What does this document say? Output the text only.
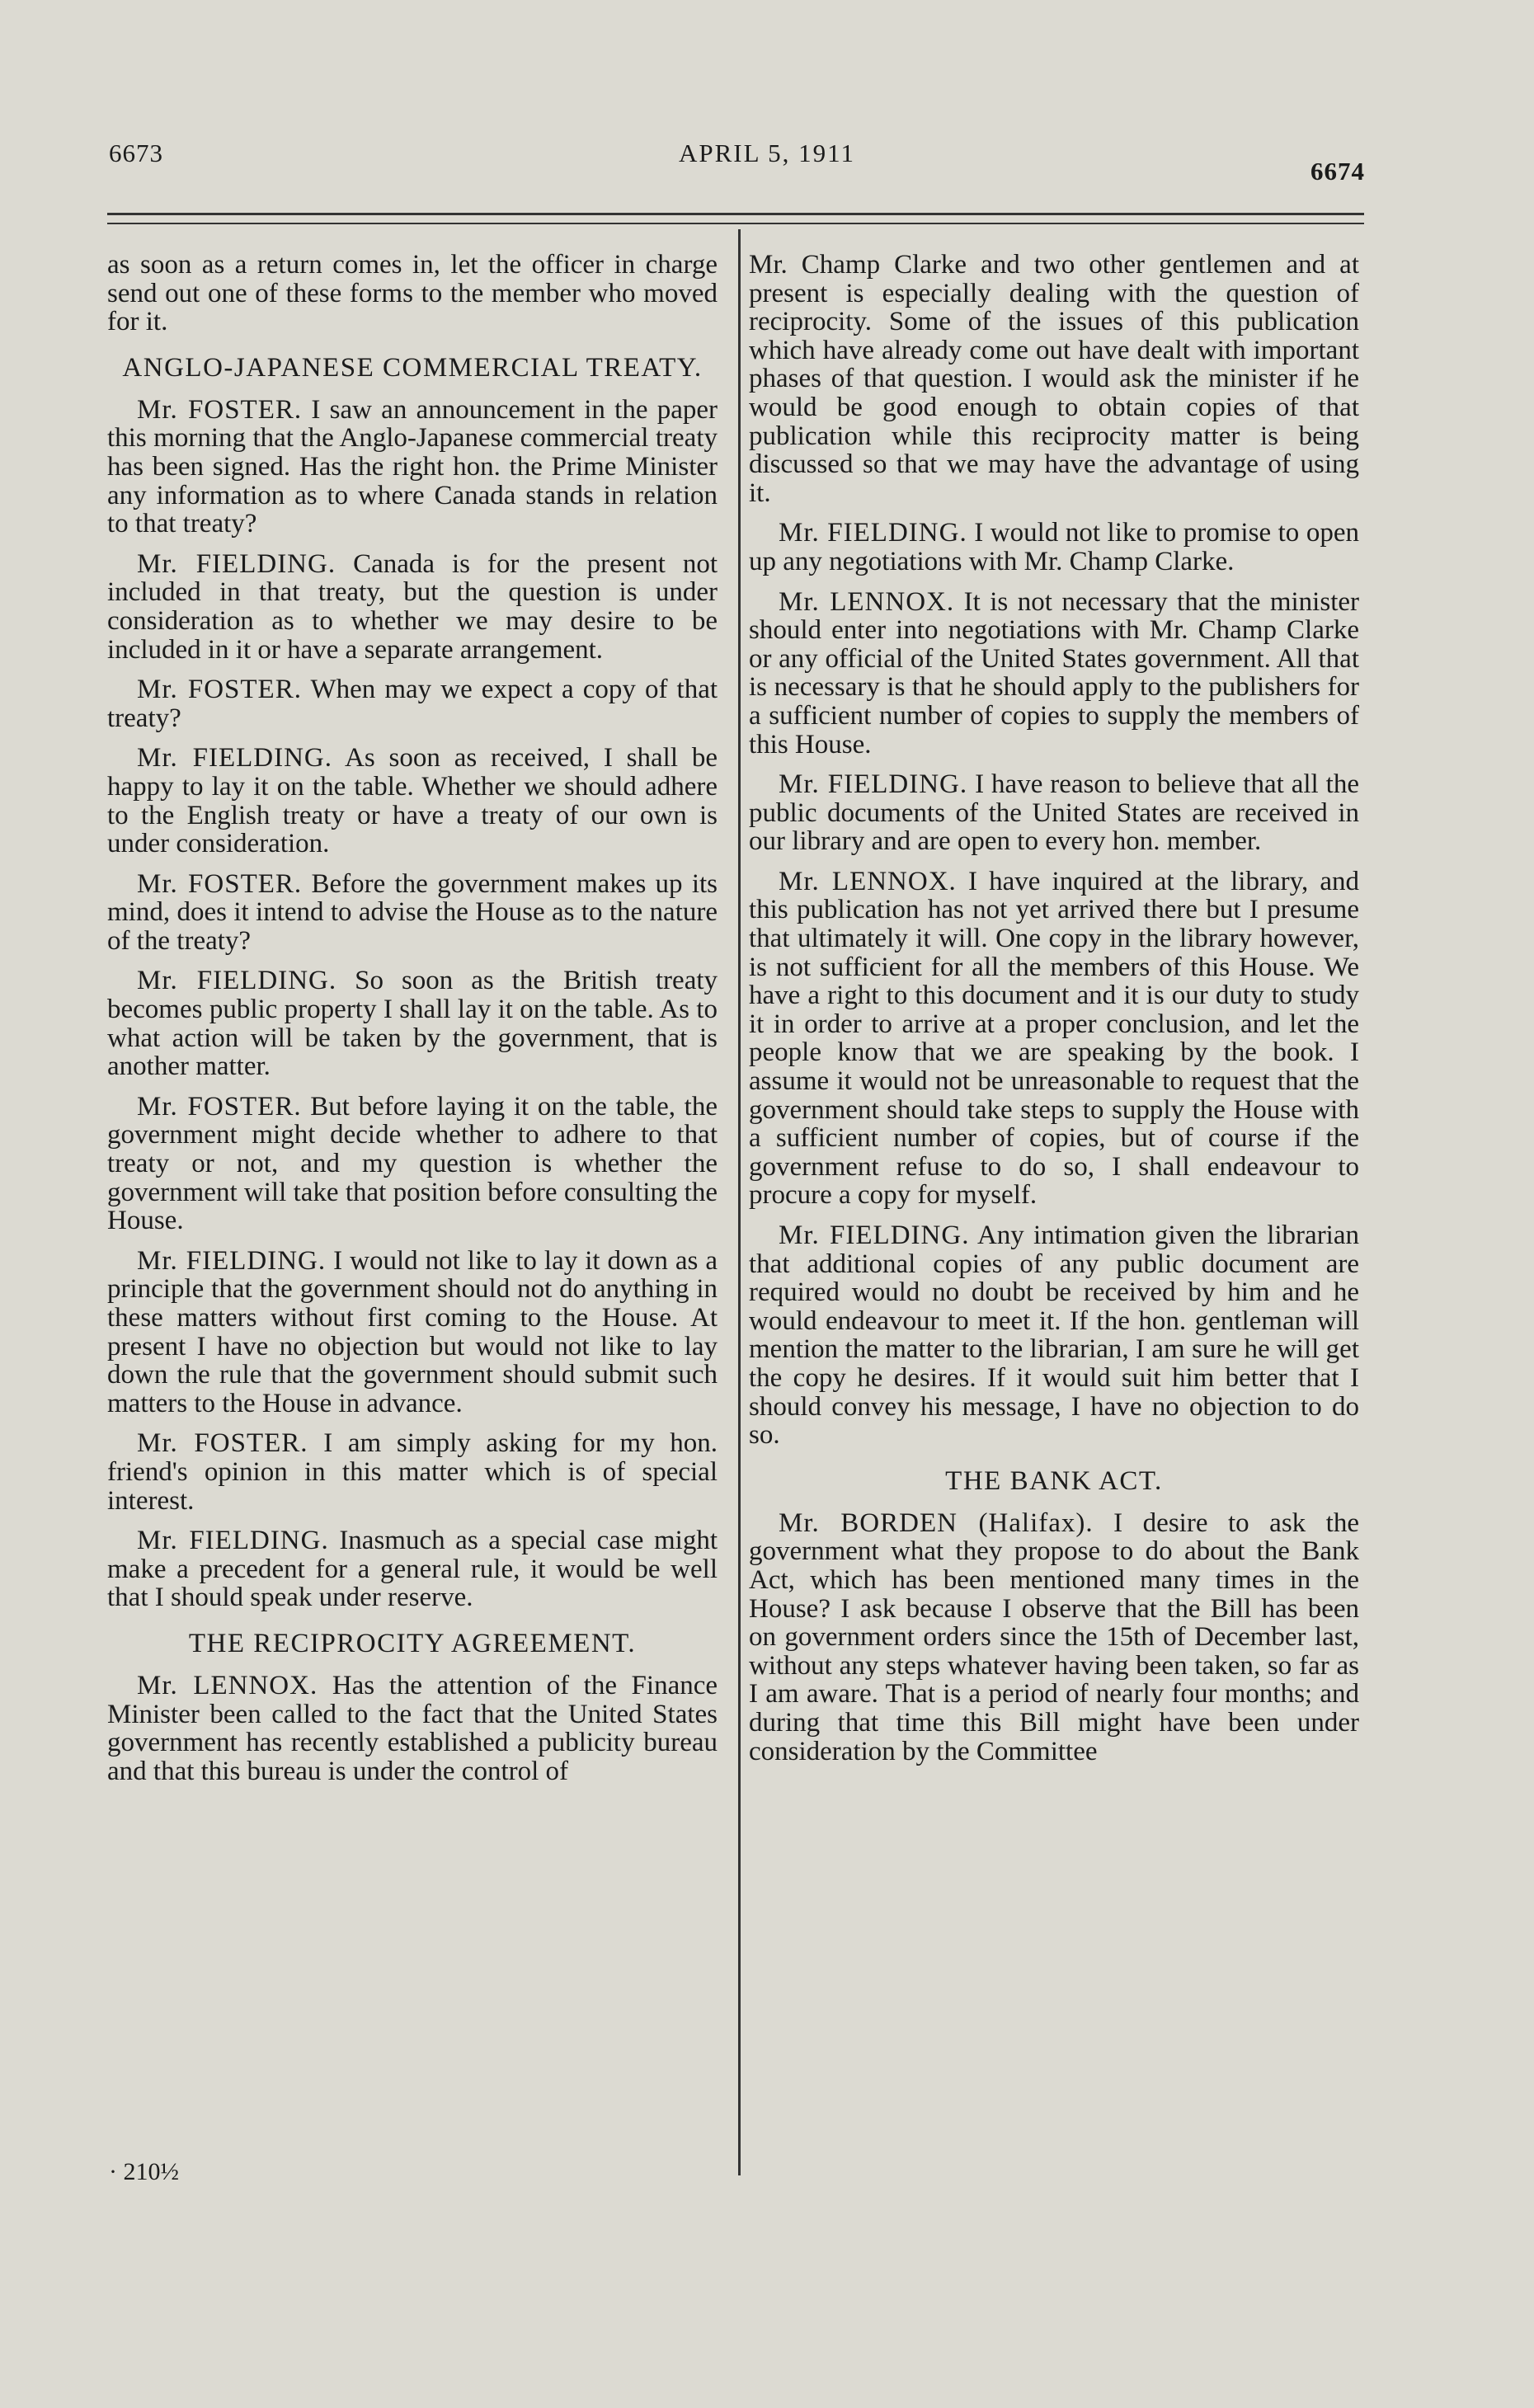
6673	APRIL 5, 1911
6674

as soon as a return comes in, let the officer in charge send out one of these forms to the member who moved for it.

ANGLO-JAPANESE COMMERCIAL TREATY.

Mr. FOSTER. I saw an announcement in the paper this morning that the Anglo-Japanese commercial treaty has been signed. Has the right hon. the Prime Minister any information as to where Canada stands in relation to that treaty?

Mr. FIELDING. Canada is for the present not included in that treaty, but the question is under consideration as to whether we may desire to be included in it or have a separate arrangement.

Mr. FOSTER. When may we expect a copy of that treaty?

Mr. FIELDING. As soon as received, I shall be happy to lay it on the table. Whether we should adhere to the English treaty or have a treaty of our own is under consideration.

Mr. FOSTER. Before the government makes up its mind, does it intend to advise the House as to the nature of the treaty?

Mr. FIELDING. So soon as the British treaty becomes public property I shall lay it on the table. As to what action will be taken by the government, that is another matter.

Mr. FOSTER. But before laying it on the table, the government might decide whether to adhere to that treaty or not, and my question is whether the government will take that position before consulting the House.

Mr. FIELDING. I would not like to lay it down as a principle that the government should not do anything in these matters without first coming to the House. At present I have no objection but would not like to lay down the rule that the government should submit such matters to the House in advance.

Mr. FOSTER. I am simply asking for my hon. friend's opinion in this matter which is of special interest.

Mr. FIELDING. Inasmuch as a special case might make a precedent for a general rule, it would be well that I should speak under reserve.

THE RECIPROCITY AGREEMENT.

Mr. LENNOX. Has the attention of the Finance Minister been called to the fact that the United States government has recently established a publicity bureau and that this bureau is under the control of

Mr. Champ Clarke and two other gentlemen and at present is especially dealing with the question of reciprocity. Some of the issues of this publication which have already come out have dealt with important phases of that question. I would ask the minister if he would be good enough to obtain copies of that publication while this reciprocity matter is being discussed so that we may have the advantage of using it.

Mr. FIELDING. I would not like to promise to open up any negotiations with Mr. Champ Clarke.

Mr. LENNOX. It is not necessary that the minister should enter into negotiations with Mr. Champ Clarke or any official of the United States government. All that is necessary is that he should apply to the publishers for a sufficient number of copies to supply the members of this House.

Mr. FIELDING. I have reason to believe that all the public documents of the United States are received in our library and are open to every hon. member.

Mr. LENNOX. I have inquired at the library, and this publication has not yet arrived there but I presume that ultimately it will. One copy in the library however, is not sufficient for all the members of this House. We have a right to this document and it is our duty to study it in order to arrive at a proper conclusion, and let the people know that we are speaking by the book. I assume it would not be unreasonable to request that the government should take steps to supply the House with a sufficient number of copies, but of course if the government refuse to do so, I shall endeavour to procure a copy for myself.

Mr. FIELDING. Any intimation given the librarian that additional copies of any public document are required would no doubt be received by him and he would endeavour to meet it. If the hon. gentleman will mention the matter to the librarian, I am sure he will get the copy he desires. If it would suit him better that I should convey his message, I have no objection to do so.

THE BANK ACT.

Mr. BORDEN (Halifax). I desire to ask the government what they propose to do about the Bank Act, which has been mentioned many times in the House? I ask because I observe that the Bill has been on government orders since the 15th of December last, without any steps whatever having been taken, so far as I am aware. That is a period of nearly four months; and during that time this Bill might have been under consideration by the Committee

· 210½
